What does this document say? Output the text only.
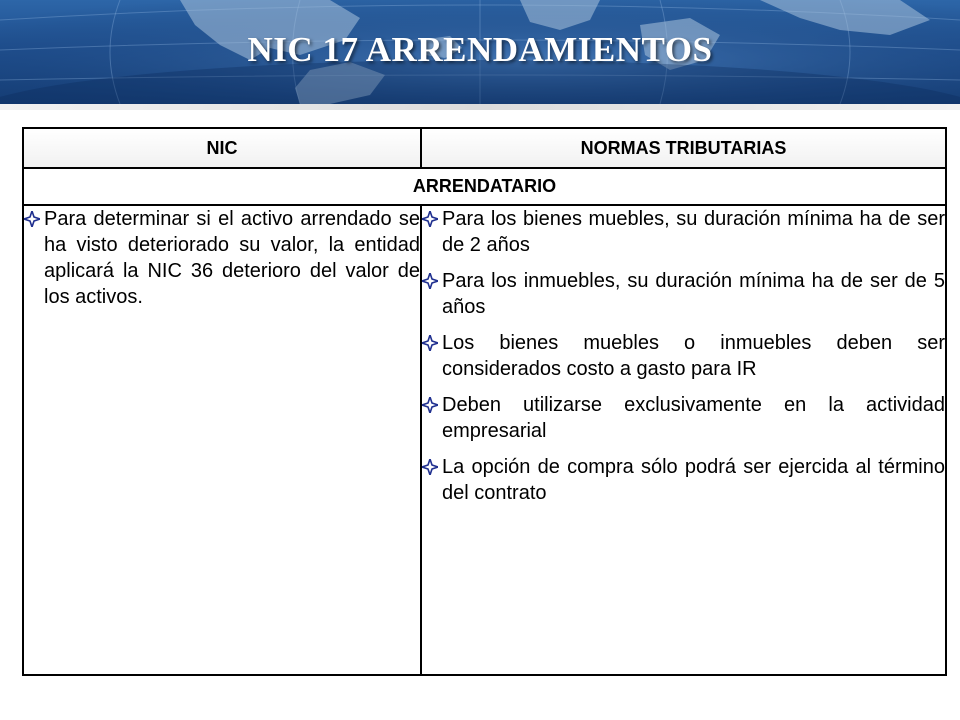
NIC 17 ARRENDAMIENTOS
NIC	NORMAS TRIBUTARIAS
ARRENDATARIO	

Para determinar si el activo arrendado se ha visto deteriorado su valor, la entidad aplicará la NIC 36 deterioro del valor de los activos.	Para los bienes muebles, su duración mínima ha de ser de 2 años
Para los inmuebles, su duración mínima ha de ser de 5 años
Los bienes muebles o inmuebles deben ser considerados costo a gasto para IR
Deben utilizarse exclusivamente en la actividad empresarial
La opción de compra sólo podrá ser ejercida al término del contrato
